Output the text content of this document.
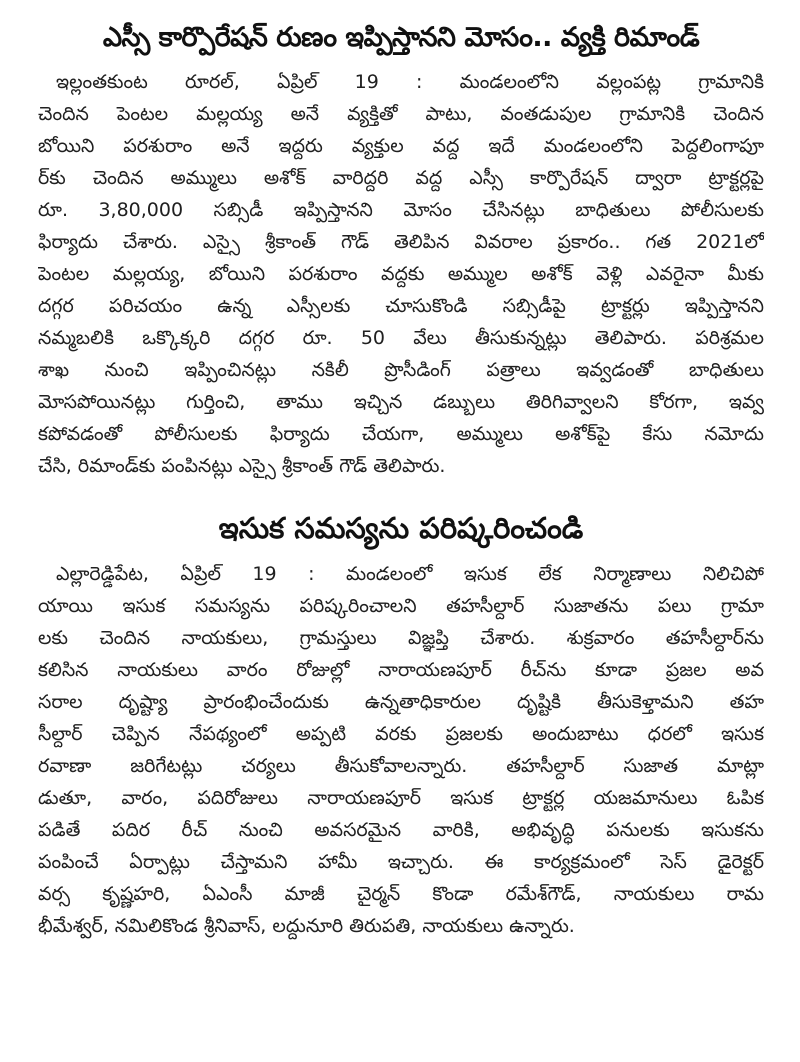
ఎస్సీ కార్పొరేషన్ రుణం ఇప్పిస్తానని మోసం.. వ్యక్తి రిమాండ్
ఇల్లంతకుంట రూరల్, ఏప్రిల్ 19 : మండలంలోని వల్లంపట్ల గ్రామానికి
చెందిన పెంటల మల్లయ్య అనే వ్యక్తితో పాటు, వంతడుపుల గ్రామానికి చెందిన
బోయిని పరశురాం అనే ఇద్దరు వ్యక్తుల వద్ద ఇదే మండలంలోని పెద్దలింగాపూ
ర్‌కు చెందిన అమ్ములు అశోక్ వారిద్దరి వద్ద ఎస్సీ కార్పొరేషన్ ద్వారా ట్రాక్టర్లపై
రూ. 3,80,000 సబ్సిడీ ఇప్పిస్తానని మోసం చేసినట్లు బాధితులు పోలీసులకు
ఫిర్యాదు చేశారు. ఎస్సై శ్రీకాంత్ గౌడ్ తెలిపిన వివరాల ప్రకారం.. గత 2021లో
పెంటల మల్లయ్య, బోయిని పరశురాం వద్దకు అమ్ముల అశోక్ వెళ్లి ఎవరైనా మీకు
దగ్గర పరిచయం ఉన్న ఎస్సీలకు చూసుకొండి సబ్సిడీపై ట్రాక్టర్లు ఇప్పిస్తానని
నమ్మబలికి ఒక్కొక్కరి దగ్గర రూ. 50 వేలు తీసుకున్నట్లు తెలిపారు. పరిశ్రమల
శాఖ నుంచి ఇప్పించినట్లు నకిలీ ప్రొసీడింగ్ పత్రాలు ఇవ్వడంతో బాధితులు
మోసపోయినట్లు గుర్తించి, తాము ఇచ్చిన డబ్బులు తిరిగివ్వాలని కోరగా, ఇవ్వ
కపోవడంతో పోలీసులకు ఫిర్యాదు చేయగా, అమ్ములు అశోక్‌పై కేసు నమోదు
చేసి, రిమాండ్‌కు పంపినట్లు ఎస్సై శ్రీకాంత్ గౌడ్ తెలిపారు.
ఇసుక సమస్యను పరిష్కరించండి
ఎల్లారెడ్డిపేట, ఏప్రిల్ 19 : మండలంలో ఇసుక లేక నిర్మాణాలు నిలిచిపో
యాయి ఇసుక సమస్యను పరిష్కరించాలని తహసీల్దార్ సుజాతను పలు గ్రామా
లకు చెందిన నాయకులు, గ్రామస్తులు విజ్ఞప్తి చేశారు. శుక్రవారం తహసీల్దార్‌ను
కలిసిన నాయకులు వారం రోజుల్లో నారాయణపూర్ రీచ్‌ను కూడా ప్రజల అవ
సరాల దృష్ట్యా ప్రారంభించేందుకు ఉన్నతాధికారుల దృష్టికి తీసుకెళ్తామని తహ
సీల్దార్ చెప్పిన నేపథ్యంలో అప్పటి వరకు ప్రజలకు అందుబాటు ధరలో ఇసుక
రవాణా జరిగేటట్లు చర్యలు తీసుకోవాలన్నారు. తహసీల్దార్ సుజాత మాట్లా
డుతూ, వారం, పదిరోజులు నారాయణపూర్ ఇసుక ట్రాక్టర్ల యజమానులు ఓపిక
పడితే పదిర రీచ్ నుంచి అవసరమైన వారికి, అభివృద్ధి పనులకు ఇసుకను
పంపించే ఏర్పాట్లు చేస్తామని హామీ ఇచ్చారు. ఈ కార్యక్రమంలో సెస్ డైరెక్టర్
వర్స కృష్ణహరి, ఏఎంసీ మాజీ చైర్మన్ కొండా రమేశ్‌గౌడ్, నాయకులు రామ
భీమేశ్వర్, నమిలికొండ శ్రీనివాస్, లద్దునూరి తిరుపతి, నాయకులు ఉన్నారు.
